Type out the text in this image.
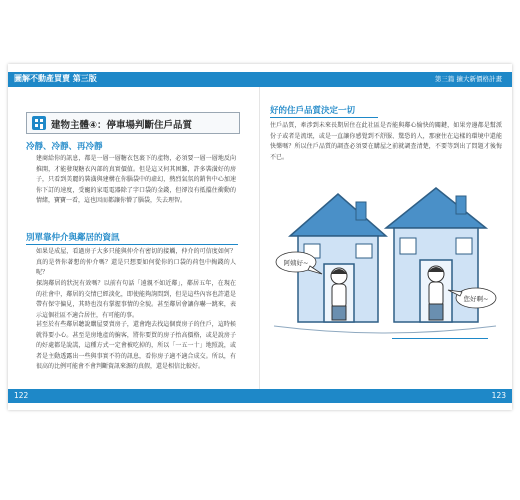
圖解不動產買賣 第三版	第三篇 擴大新價格計畫
建物主體④：停車場判斷住戶品質
冷靜、冷靜、再冷靜

建商給你的訊息，都是一層一層糖衣包裹下的產物，必須要一層一層地反向推開，才能發現糖衣內部的真實價值。但是這又何其困難，許多裝潢好的房子，只看到美麗的裝潢與建構在你腦袋中的虛幻，熱烈氣氛的銷售中心加速你下訂的速度，受寵的家電電器除了字口袋的金錢，但卻沒有抵擋住衝動的情緒，寶寶一看，這也因而都讓你懵了腦袋，失去理智。

別單靠仲介與鄰居的資訊

如果是成屋，看過房子大多只能與仲介有密切的接觸，仲介的可信度如何？真的是替你著想的仲介嗎？還是只想要如何從你的口袋的荷包中掏錢的人呢？

探詢鄰居的狀況有效嗎？以前有句話「遠親不如近鄰」，鄰居五年，在現在的社會中，鄰居的交情已經淡化，即使能夠詢問到，但是這些內容也許還是帶有保守偏見，其時也沒有掌握事情的全貌。甚至鄰居會讓你嚇一跳來，表示這個社區不適合居住，有可能的事。

甚至於有些鄰居聽說購屋要賣房子，還會跑去找這個賣房子的住戶，這時候就得要小心。甚至是房地產的掮客，將你要買的房子抬高價格，或是說房子的好處都是說謊，這種方式一定會被吃掉的，所以「一五一十」地照說，或者是主動透露出一些與事實不符的訊息，看你房子適不適合成交。所以，有很高的比例可能會不會判斷資訊來源的真假，還是相信比較好。

好的住戶品質決定一切

住戶品質，牽涉到未來長期居住在此社區是否能與鄰心愉快的關鍵，如果旁邊都是幫派份子或者是流氓，或是一直讓你感覺到不舒服、驚恐的人，那麼住在這樣的環境中還能快樂嗎？所以住戶品質的調查必須要在購屋之前就調查清楚，不要等到出了問題才後悔不已。

阿姨好~
您好啊~
122	123
